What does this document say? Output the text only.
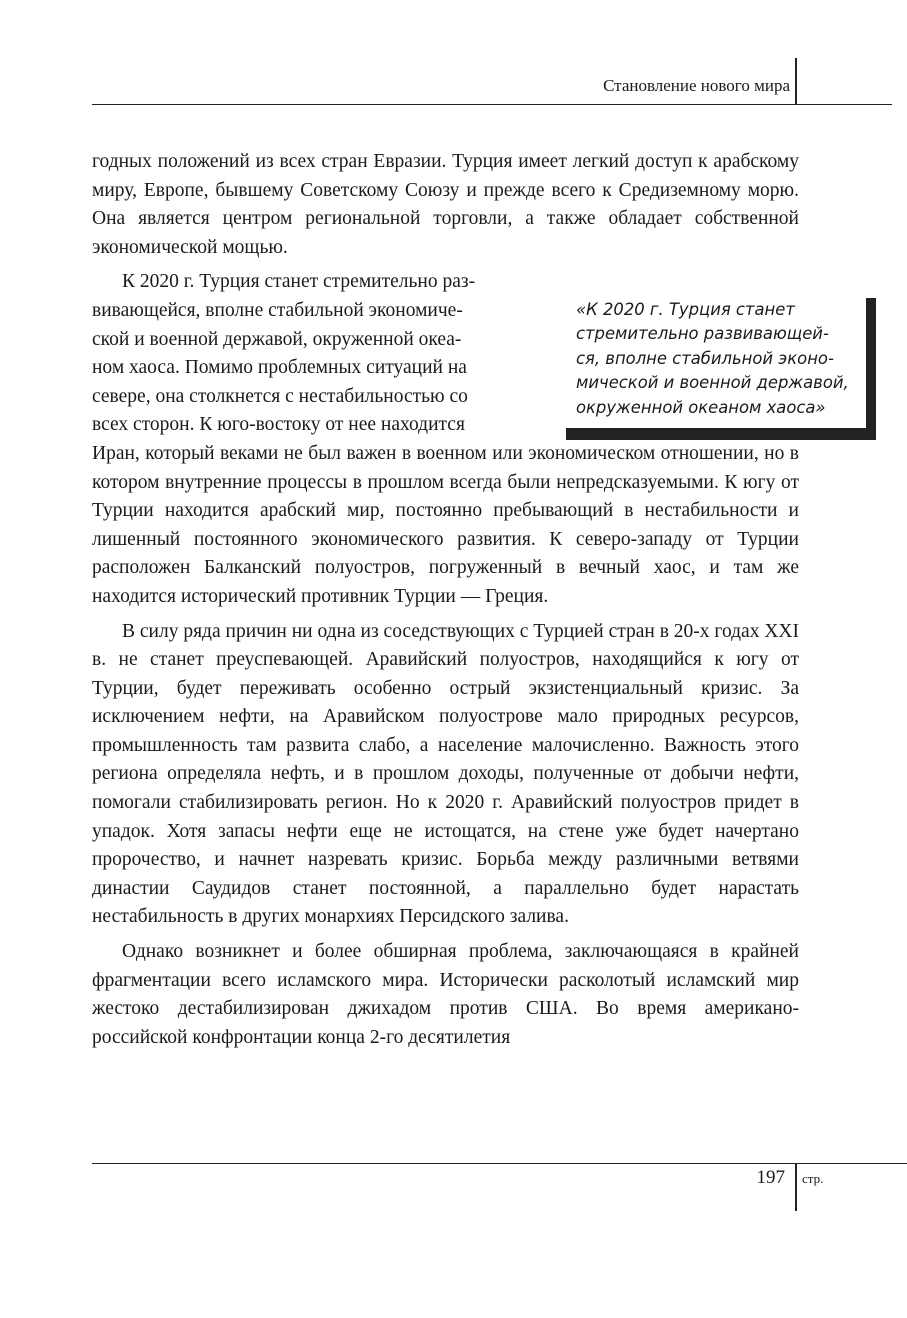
Становление нового мира

годных положений из всех стран Евразии. Турция имеет легкий доступ к арабскому миру, Европе, бывшему Советскому Союзу и прежде всего к Средиземному морю. Она является центром региональной торговли, а также обладает собственной экономической мощью.

К 2020 г. Турция станет стремительно раз-
вивающейся, вполне стабильной экономиче-
ской и военной державой, окруженной океа-
ном хаоса. Помимо проблемных ситуаций на
севере, она столкнется с нестабильностью со
всех сторон. К юго-востоку от нее находится
Иран, который веками не был важен в военном или экономическом отношении, но в котором внутренние процессы в прошлом всегда были непредсказуемыми. К югу от Турции находится арабский мир, постоянно пребывающий в нестабильности и лишенный постоянного экономического развития. К северо-западу от Турции расположен Балканский полуостров, погруженный в вечный хаос, и там же находится исторический противник Турции — Греция.

В силу ряда причин ни одна из соседствующих с Турцией стран в 20-х годах XXI в. не станет преуспевающей. Аравийский полуостров, находящийся к югу от Турции, будет переживать особенно острый экзистенциальный кризис. За исключением нефти, на Аравийском полуострове мало природных ресурсов, промышленность там развита слабо, а население малочисленно. Важность этого региона определяла нефть, и в прошлом доходы, полученные от добычи нефти, помогали стабилизировать регион. Но к 2020 г. Аравийский полуостров придет в упадок. Хотя запасы нефти еще не истощатся, на стене уже будет начертано пророчество, и начнет назревать кризис. Борьба между различными ветвями династии Саудидов станет постоянной, а параллельно будет нарастать нестабильность в других монархиях Персидского залива.

Однако возникнет и более обширная проблема, заключающаяся в крайней фрагментации всего исламского мира. Исторически расколотый исламский мир жестоко дестабилизирован джихадом против США. Во время американо-российской конфронтации конца 2-го десятилетия

«К 2020 г. Турция станет
стремительно развивающей-
ся, вполне стабильной эконо-
мической и военной державой,
окруженной океаном хаоса»
197 стр.
